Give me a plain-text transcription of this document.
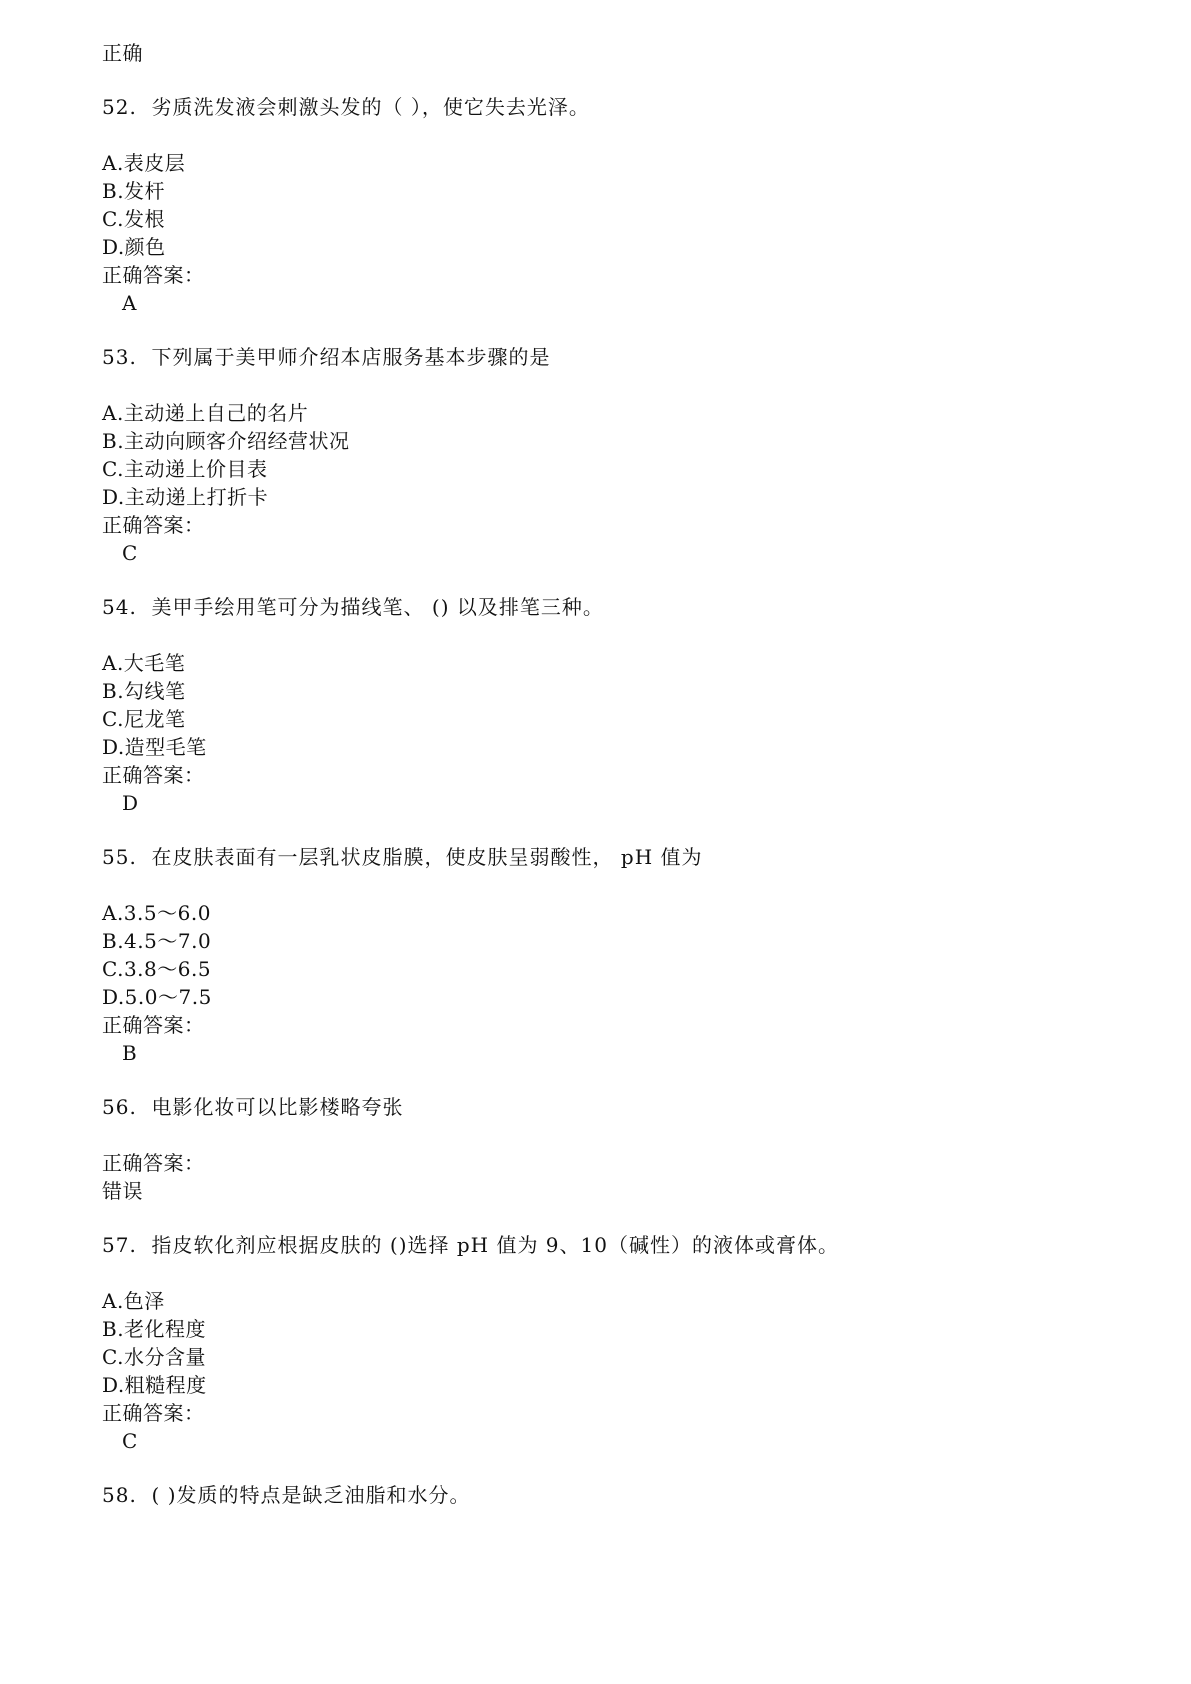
正确
52. 劣质洗发液会刺激头发的（ ），使它失去光泽。
A.表皮层
B.发杆
C.发根
D.颜色
正确答案：
A
53. 下列属于美甲师介绍本店服务基本步骤的是
A.主动递上自己的名片
B.主动向顾客介绍经营状况
C.主动递上价目表
D.主动递上打折卡
正确答案：
C
54. 美甲手绘用笔可分为描线笔、 () 以及排笔三种。
A.大毛笔
B.勾线笔
C.尼龙笔
D.造型毛笔
正确答案：
D
55. 在皮肤表面有一层乳状皮脂膜，使皮肤呈弱酸性， pH 值为
A.3.5～6.0
B.4.5～7.0
C.3.8～6.5
D.5.0～7.5
正确答案：
B
56. 电影化妆可以比影楼略夸张
正确答案：
错误
57. 指皮软化剂应根据皮肤的 ()选择 pH 值为 9、10（碱性）的液体或膏体。
A.色泽
B.老化程度
C.水分含量
D.粗糙程度
正确答案：
C
58. ( )发质的特点是缺乏油脂和水分。
